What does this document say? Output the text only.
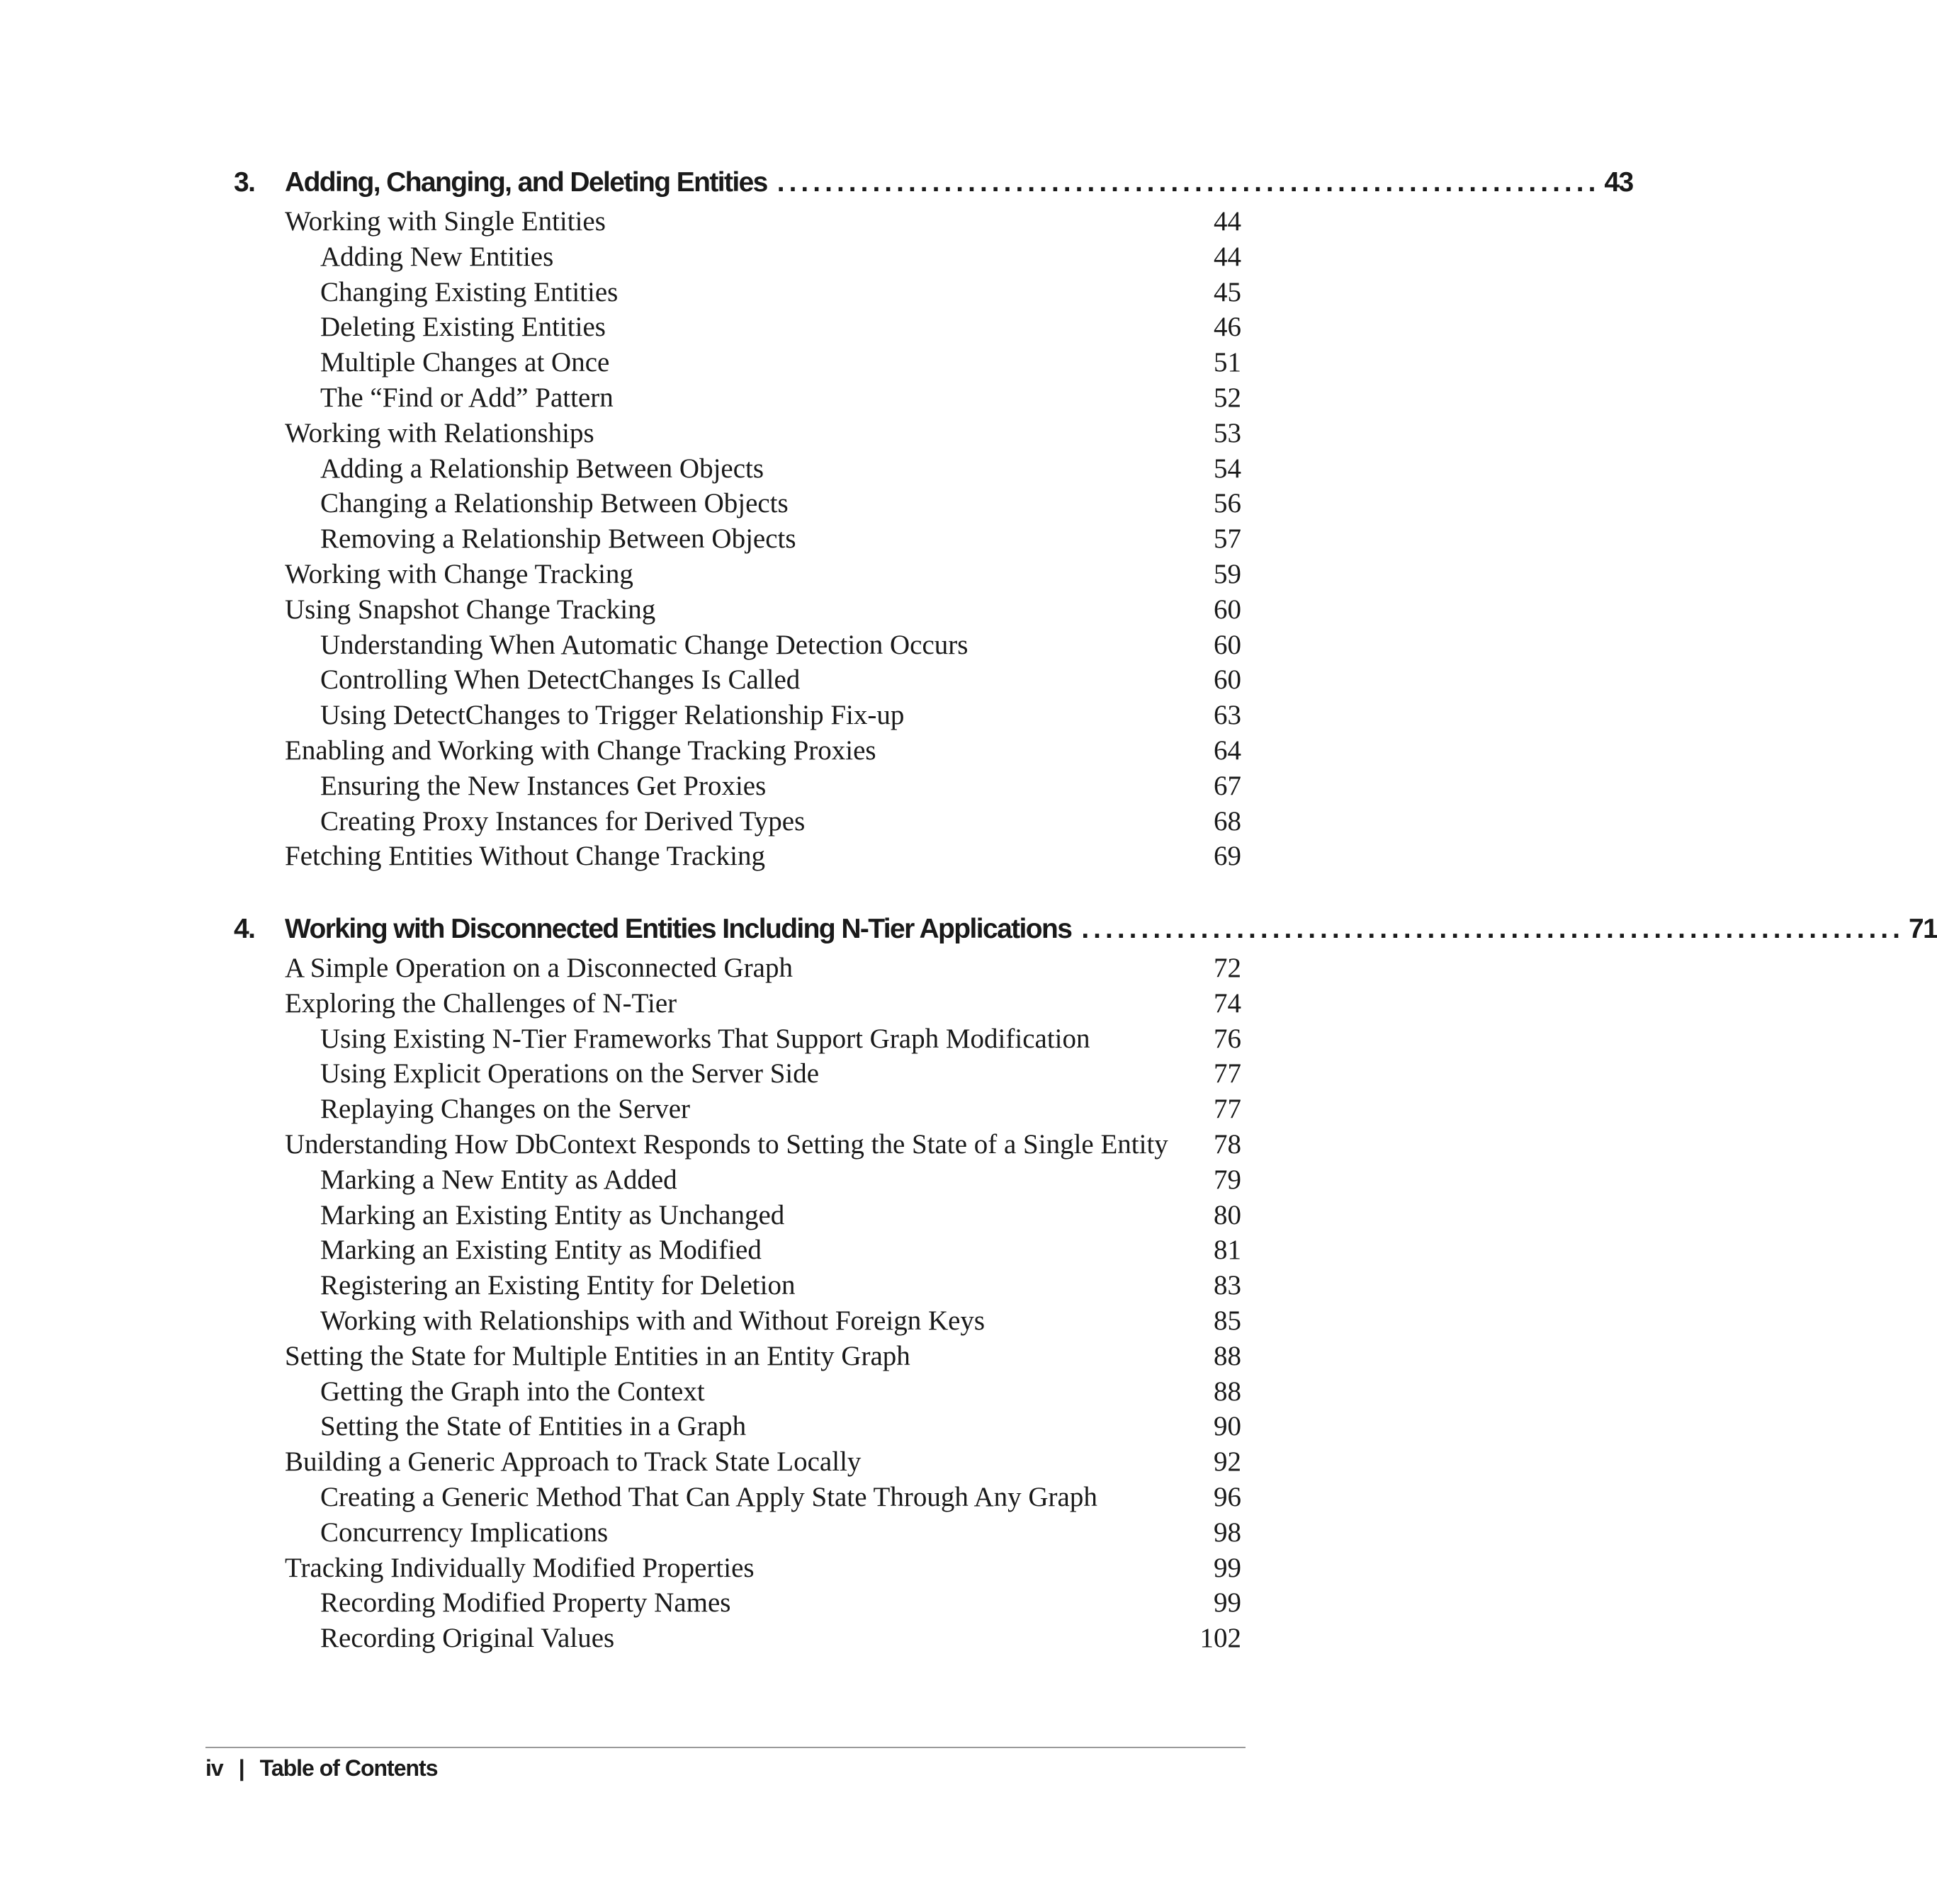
3.	Adding, Changing, and Deleting Entities ..................................................................... 43
Working with Single Entities	44
Adding New Entities	44
Changing Existing Entities	45
Deleting Existing Entities	46
Multiple Changes at Once	51
The “Find or Add” Pattern	52
Working with Relationships	53
Adding a Relationship Between Objects	54
Changing a Relationship Between Objects	56
Removing a Relationship Between Objects	57
Working with Change Tracking	59
Using Snapshot Change Tracking	60
Understanding When Automatic Change Detection Occurs	60
Controlling When DetectChanges Is Called	60
Using DetectChanges to Trigger Relationship Fix-up	63
Enabling and Working with Change Tracking Proxies	64
Ensuring the New Instances Get Proxies	67
Creating Proxy Instances for Derived Types	68
Fetching Entities Without Change Tracking	69
4.	Working with Disconnected Entities Including N-Tier Applications ..................................................................... 71
A Simple Operation on a Disconnected Graph	72
Exploring the Challenges of N-Tier	74
Using Existing N-Tier Frameworks That Support Graph Modification	76
Using Explicit Operations on the Server Side	77
Replaying Changes on the Server	77
Understanding How DbContext Responds to Setting the State of a Single Entity	78
Marking a New Entity as Added	79
Marking an Existing Entity as Unchanged	80
Marking an Existing Entity as Modified	81
Registering an Existing Entity for Deletion	83
Working with Relationships with and Without Foreign Keys	85
Setting the State for Multiple Entities in an Entity Graph	88
Getting the Graph into the Context	88
Setting the State of Entities in a Graph	90
Building a Generic Approach to Track State Locally	92
Creating a Generic Method That Can Apply State Through Any Graph	96
Concurrency Implications	98
Tracking Individually Modified Properties	99
Recording Modified Property Names	99
Recording Original Values	102
iv | Table of Contents
